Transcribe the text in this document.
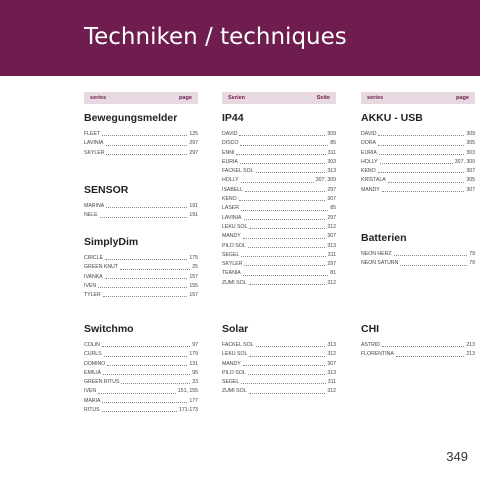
Techniken / techniques
series	page
Bewegungsmelder
FLEET	125
LAVINIA	297
SKYLER	297
SENSOR
MARINA	191
NELE	191
SimplyDim
CIRCLE	175
GREEN KNUT	25
IVANKA	157
IVEN	155
TYLER	157
Switchmo
COLIN	97
CURLS	179
DOMINO	131
EMILIA	95
GREEN RITUS	23
IVEN	151, 155
MARIA	177
RITUS	171-173
Serien	Seite
IP44
DAVID	309
DISCO	85
ENNI	311
EURIA	303
FACKEL SOL	313
HOLLY	307, 309
ISABELL	297
KENO	307
LASER	85
LAVINIA	297
LEKU SOL	312
MANDY	307
PILO SOL	313
SEGEL	311
SKYLER	297
TEANIA	81
ZUMI SOL	312
Solar
FACKEL SOL	313
LEKU SOL	312
MANDY	307
PILO SOL	313
SEGEL	311
ZUMI SOL	312
series	page
AKKU - USB
DAVID	309
DORA	305
EURIA	303
HOLLY	307, 309
KENO	307
KRISTALA	305
MANDY	307
Batterien
NEON HERZ	79
NEON SATURN	79
CHI
ASTRID	213
FLORENTINA	213
349
